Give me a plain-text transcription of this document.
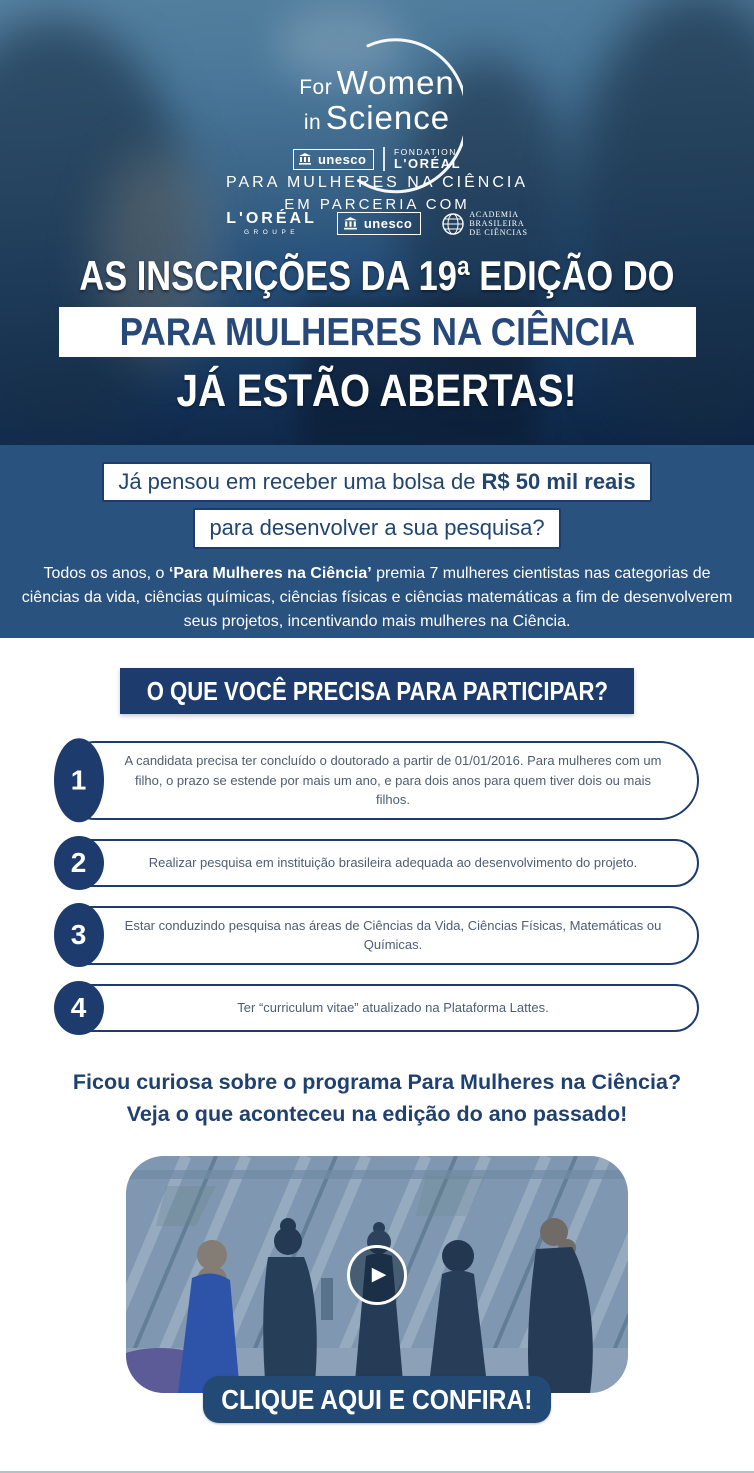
For Women
in Science
unesco	FONDATION
L'ORÉAL
PARA MULHERES NA CIÊNCIA
EM PARCERIA COM
L'ORÉAL
GROUPE
unesco
ACADEMIA
BRASILEIRA
DE CIÊNCIAS
AS INSCRIÇÕES DA 19ª EDIÇÃO DO
PARA MULHERES NA CIÊNCIA
JÁ ESTÃO ABERTAS!
Já pensou em receber uma bolsa de R$ 50 mil reais
para desenvolver a sua pesquisa?

Todos os anos, o ‘Para Mulheres na Ciência’ premia 7 mulheres cientistas nas categorias de ciências da vida, ciências químicas, ciências físicas e ciências matemáticas a fim de desenvolverem seus projetos, incentivando mais mulheres na Ciência.

O QUE VOCÊ PRECISA PARA PARTICIPAR?
1
A candidata precisa ter concluído o doutorado a partir de 01/01/2016. Para mulheres com um filho, o prazo se estende por mais um ano, e para dois anos para quem tiver dois ou mais filhos.
2	Realizar pesquisa em instituição brasileira adequada ao desenvolvimento do projeto.
3	Estar conduzindo pesquisa nas áreas de Ciências da Vida, Ciências Físicas, Matemáticas ou Químicas.
4	Ter “curriculum vitae” atualizado na Plataforma Lattes.
Ficou curiosa sobre o programa Para Mulheres na Ciência?
Veja o que aconteceu na edição do ano passado!
▶
CLIQUE AQUI E CONFIRA!
